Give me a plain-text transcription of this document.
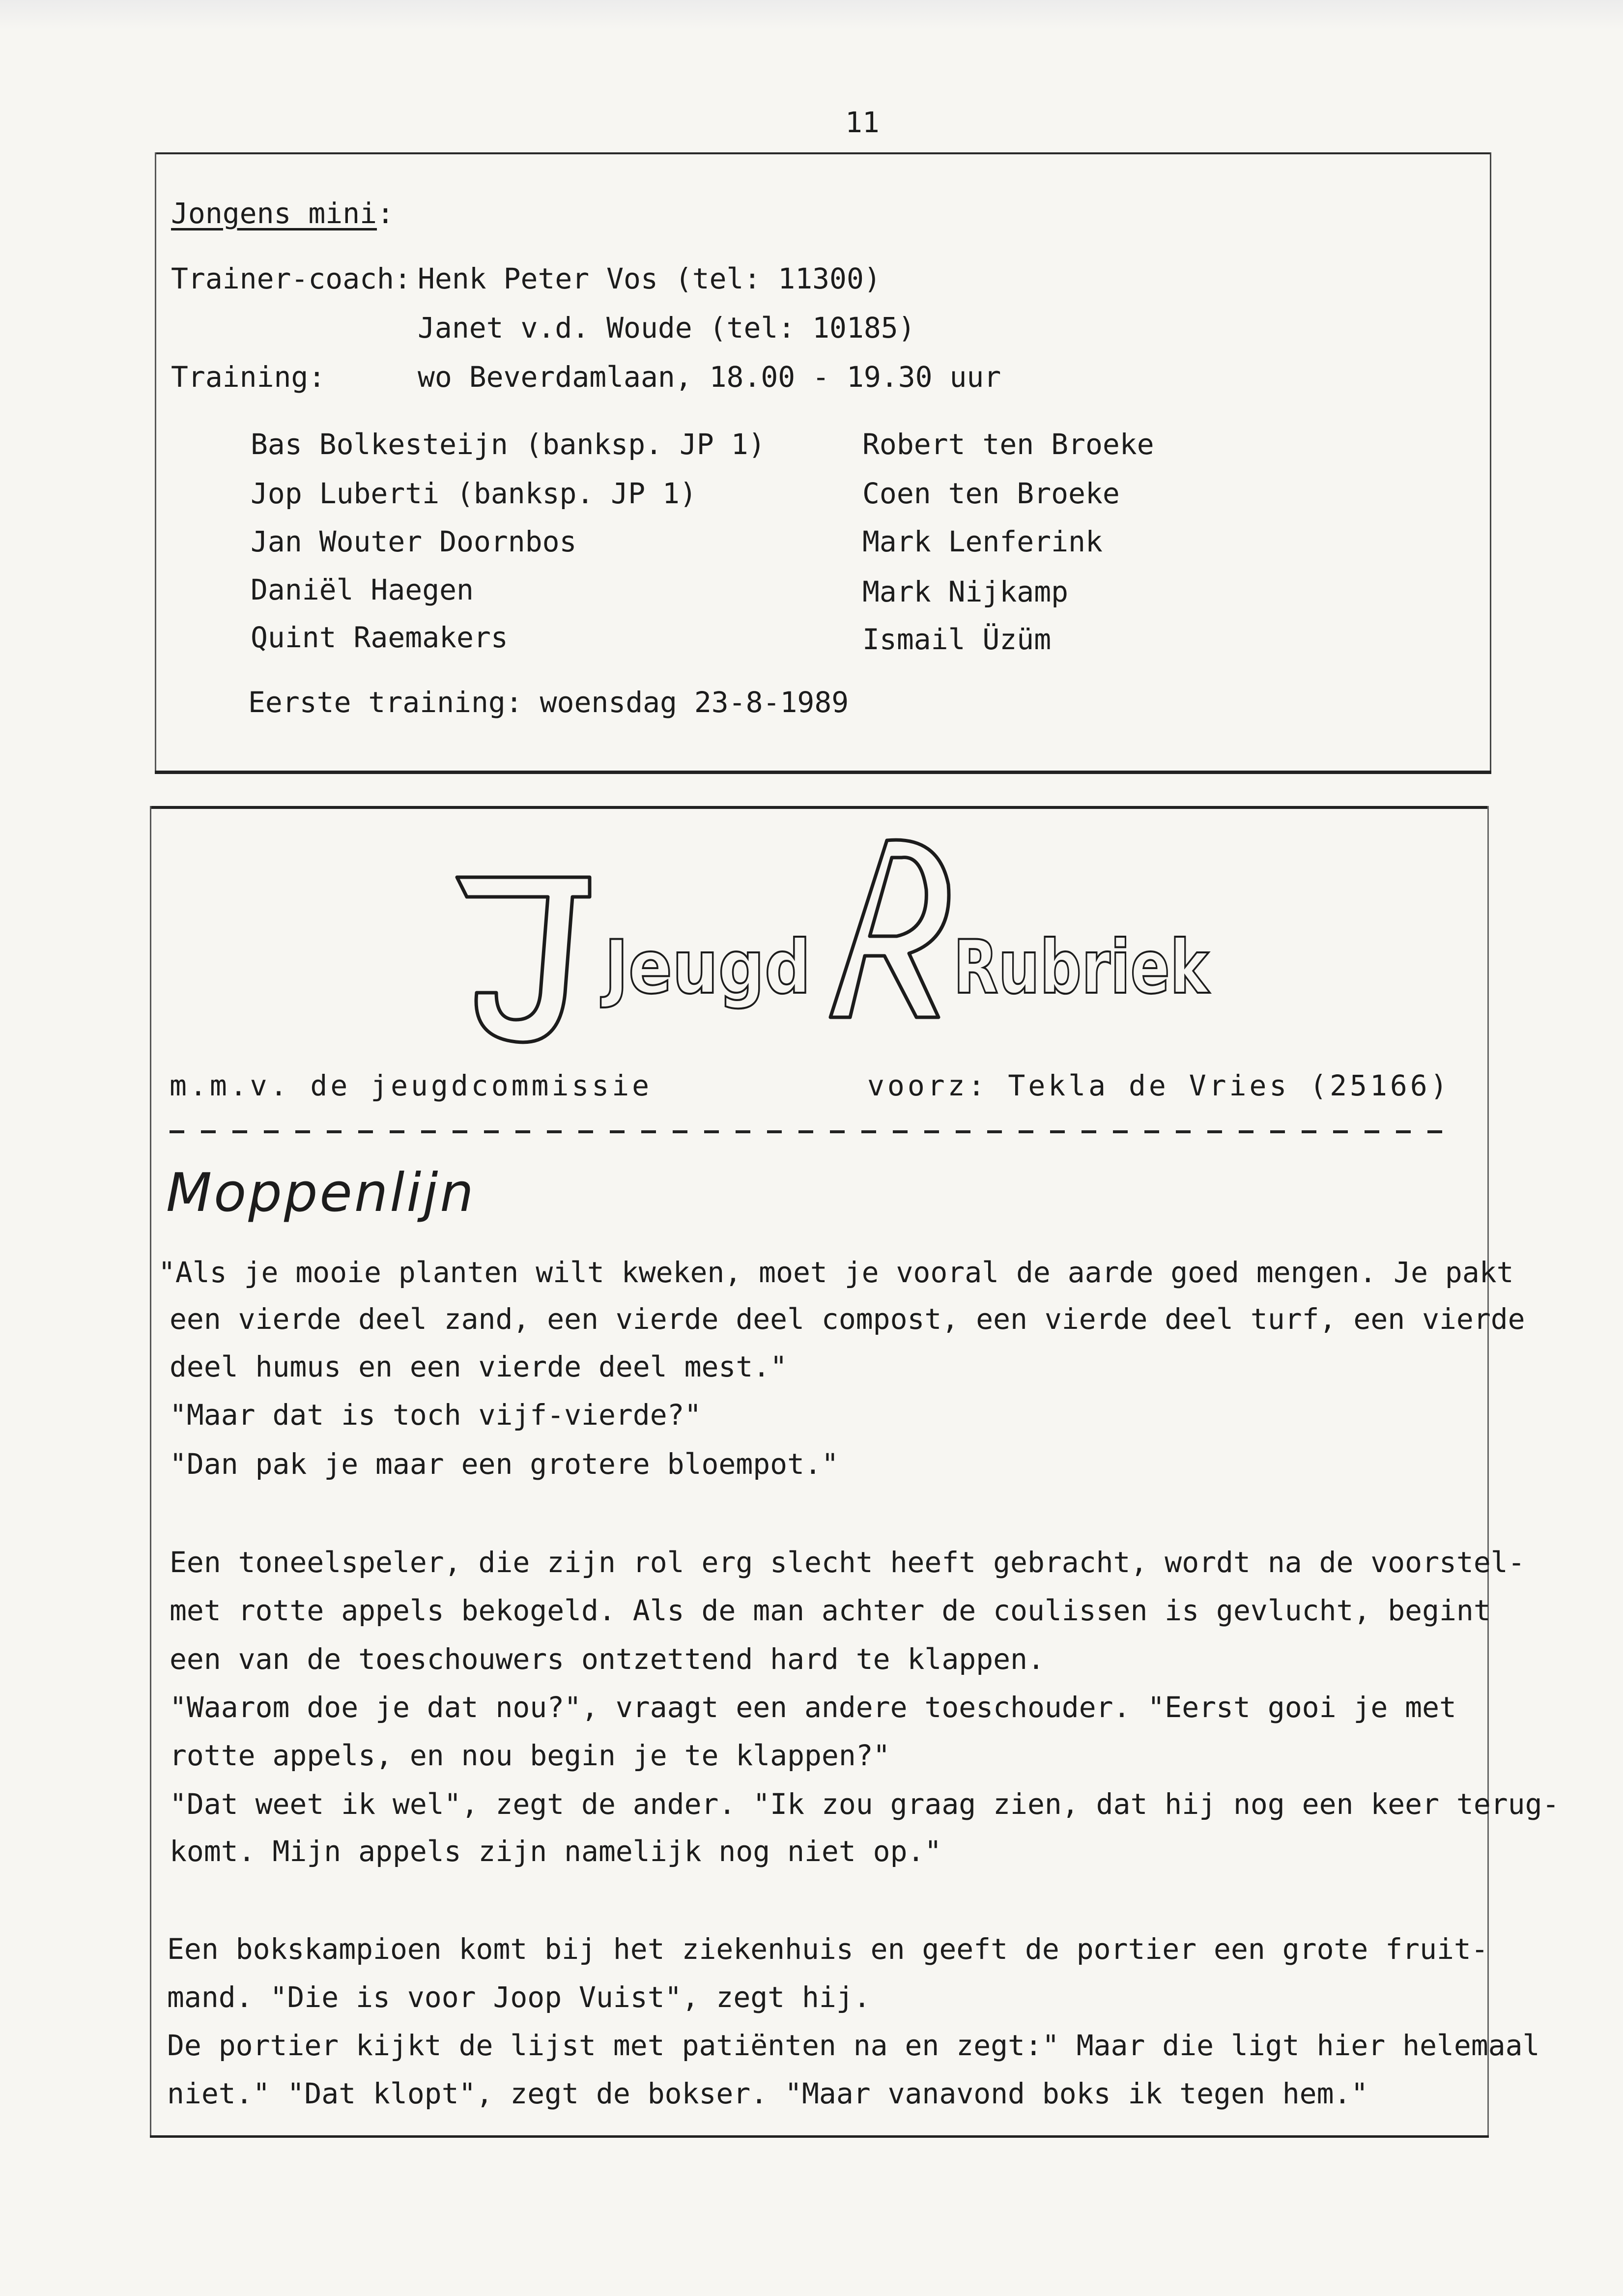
11
Jongens mini:
Trainer-coach: Henk Peter Vos (tel: 11300)
Janet v.d. Woude (tel: 10185)
Training:	wo Beverdamlaan, 18.00 - 19.30 uur
Bas Bolkesteijn (banksp. JP 1)
Jop Luberti (banksp. JP 1)
Jan Wouter Doornbos
Daniël Haegen
Quint Raemakers
Robert ten Broeke
Coen ten Broeke
Mark Lenferink
Mark Nijkamp
Ismail Üzüm
Eerste training: woensdag 23-8-1989
Jeugd Rubriek
m.m.v. de jeugdcommissie	voorz: Tekla de Vries (25166)
Moppenlijn
"Als je mooie planten wilt kweken, moet je vooral de aarde goed mengen. Je pakt
een vierde deel zand, een vierde deel compost, een vierde deel turf, een vierde
deel humus en een vierde deel mest."
"Maar dat is toch vijf-vierde?"
"Dan pak je maar een grotere bloempot."
Een toneelspeler, die zijn rol erg slecht heeft gebracht, wordt na de voorstel-
met rotte appels bekogeld. Als de man achter de coulissen is gevlucht, begint
een van de toeschouwers ontzettend hard te klappen.
"Waarom doe je dat nou?", vraagt een andere toeschouder. "Eerst gooi je met
rotte appels, en nou begin je te klappen?"
"Dat weet ik wel", zegt de ander. "Ik zou graag zien, dat hij nog een keer terug-
komt. Mijn appels zijn namelijk nog niet op."
Een bokskampioen komt bij het ziekenhuis en geeft de portier een grote fruit-
mand. "Die is voor Joop Vuist", zegt hij.
De portier kijkt de lijst met patiënten na en zegt:" Maar die ligt hier helemaal
niet." "Dat klopt", zegt de bokser. "Maar vanavond boks ik tegen hem."
